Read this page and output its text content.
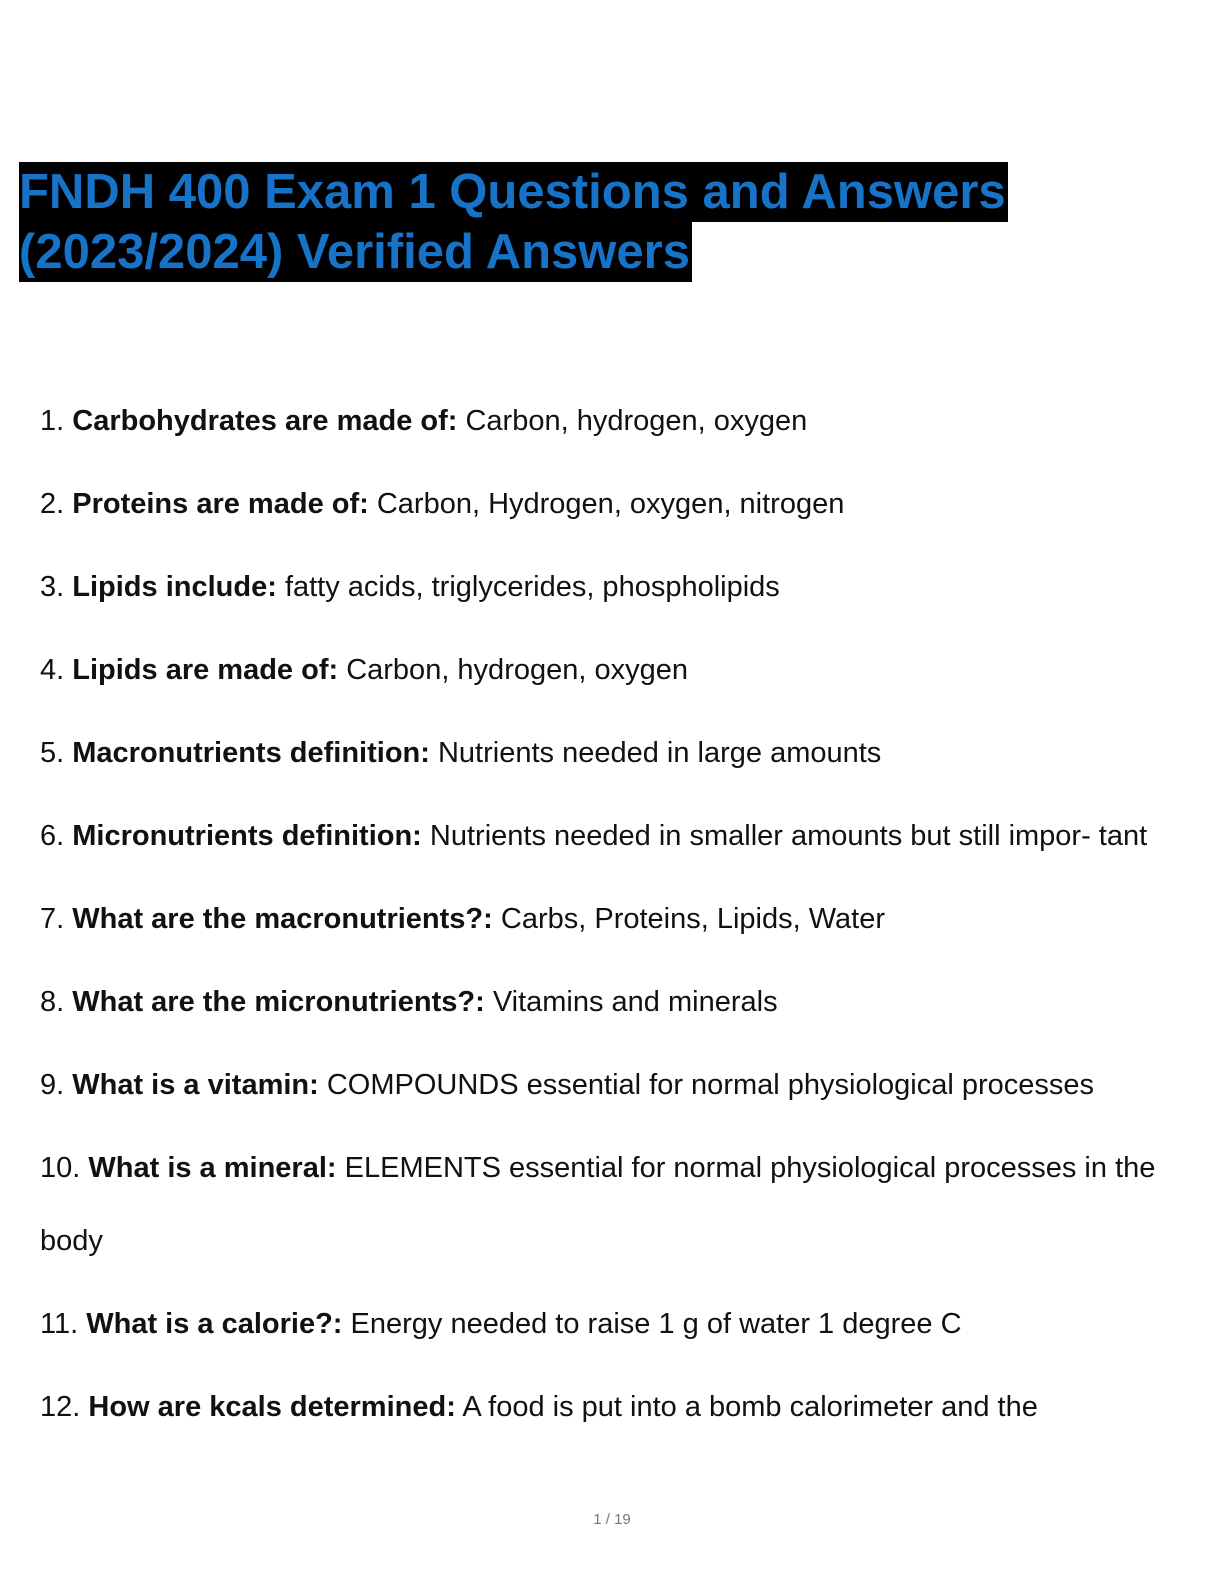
FNDH 400 Exam 1 Questions and Answers
(2023/2024) Verified Answers
1. Carbohydrates are made of: Carbon, hydrogen, oxygen
2. Proteins are made of: Carbon, Hydrogen, oxygen, nitrogen
3. Lipids include: fatty acids, triglycerides, phospholipids
4. Lipids are made of: Carbon, hydrogen, oxygen
5. Macronutrients definition: Nutrients needed in large amounts
6. Micronutrients definition: Nutrients needed in smaller amounts but still impor- tant
7. What are the macronutrients?: Carbs, Proteins, Lipids, Water
8. What are the micronutrients?: Vitamins and minerals
9. What is a vitamin: COMPOUNDS essential for normal physiological processes
10. What is a mineral: ELEMENTS essential for normal physiological processes in the body
11. What is a calorie?: Energy needed to raise 1 g of water 1 degree C
12. How are kcals determined: A food is put into a bomb calorimeter and the
1 / 19
